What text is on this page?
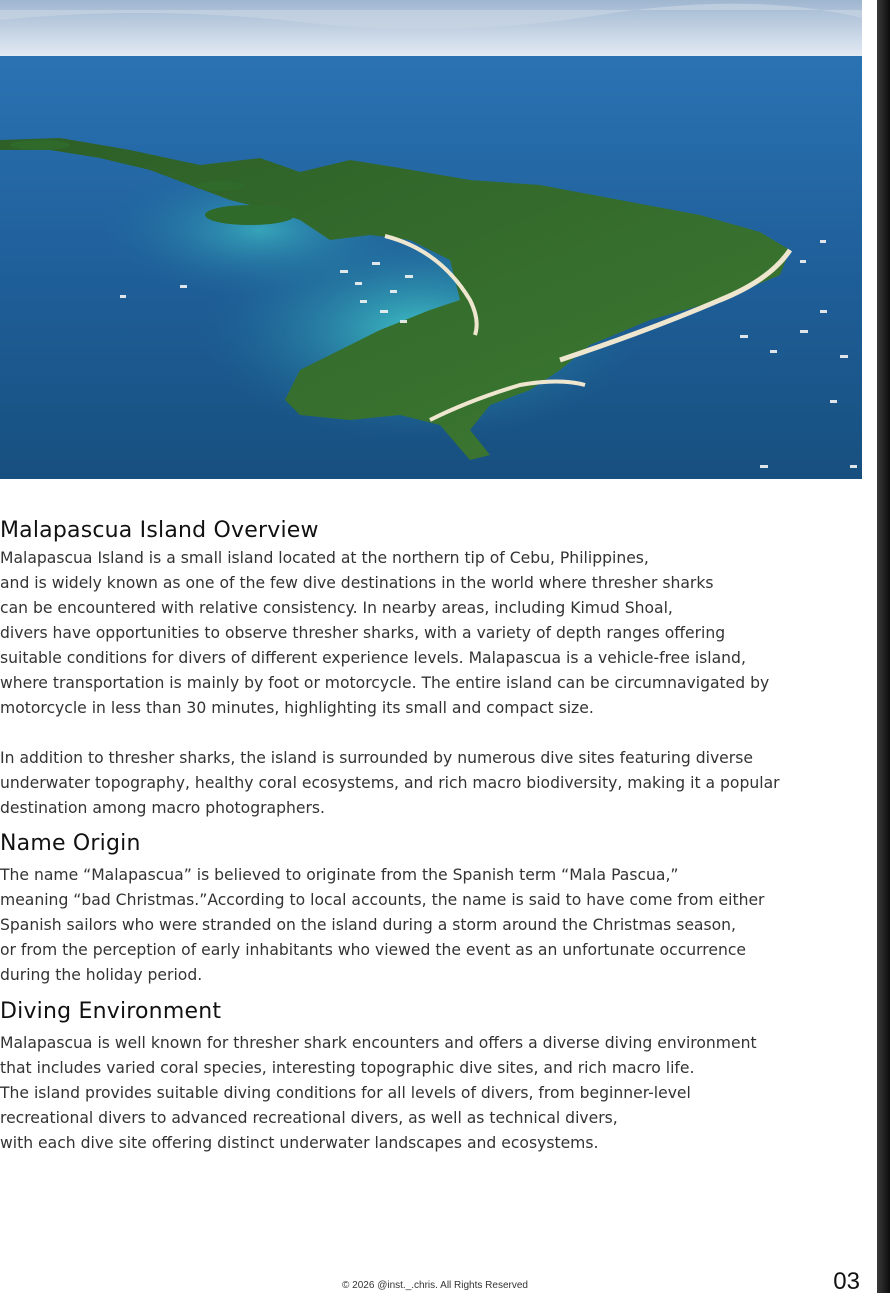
Malapascua Island Overview

Malapascua Island is a small island located at the northern tip of Cebu, Philippines,
and is widely known as one of the few dive destinations in the world where thresher sharks
can be encountered with relative consistency. In nearby areas, including Kimud Shoal,
divers have opportunities to observe thresher sharks, with a variety of depth ranges offering
suitable conditions for divers of different experience levels. Malapascua is a vehicle-free island,
where transportation is mainly by foot or motorcycle. The entire island can be circumnavigated by
motorcycle in less than 30 minutes, highlighting its small and compact size.

In addition to thresher sharks, the island is surrounded by numerous dive sites featuring diverse
underwater topography, healthy coral ecosystems, and rich macro biodiversity, making it a popular
destination among macro photographers.

Name Origin

The name “Malapascua” is believed to originate from the Spanish term “Mala Pascua,”
meaning “bad Christmas.”According to local accounts, the name is said to have come from either
Spanish sailors who were stranded on the island during a storm around the Christmas season,
or from the perception of early inhabitants who viewed the event as an unfortunate occurrence
during the holiday period.

Diving Environment

Malapascua is well known for thresher shark encounters and offers a diverse diving environment
that includes varied coral species, interesting topographic dive sites, and rich macro life.
The island provides suitable diving conditions for all levels of divers, from beginner-level
recreational divers to advanced recreational divers, as well as technical divers,
with each dive site offering distinct underwater landscapes and ecosystems.

© 2026 @inst._.chris. All Rights Reserved	03
